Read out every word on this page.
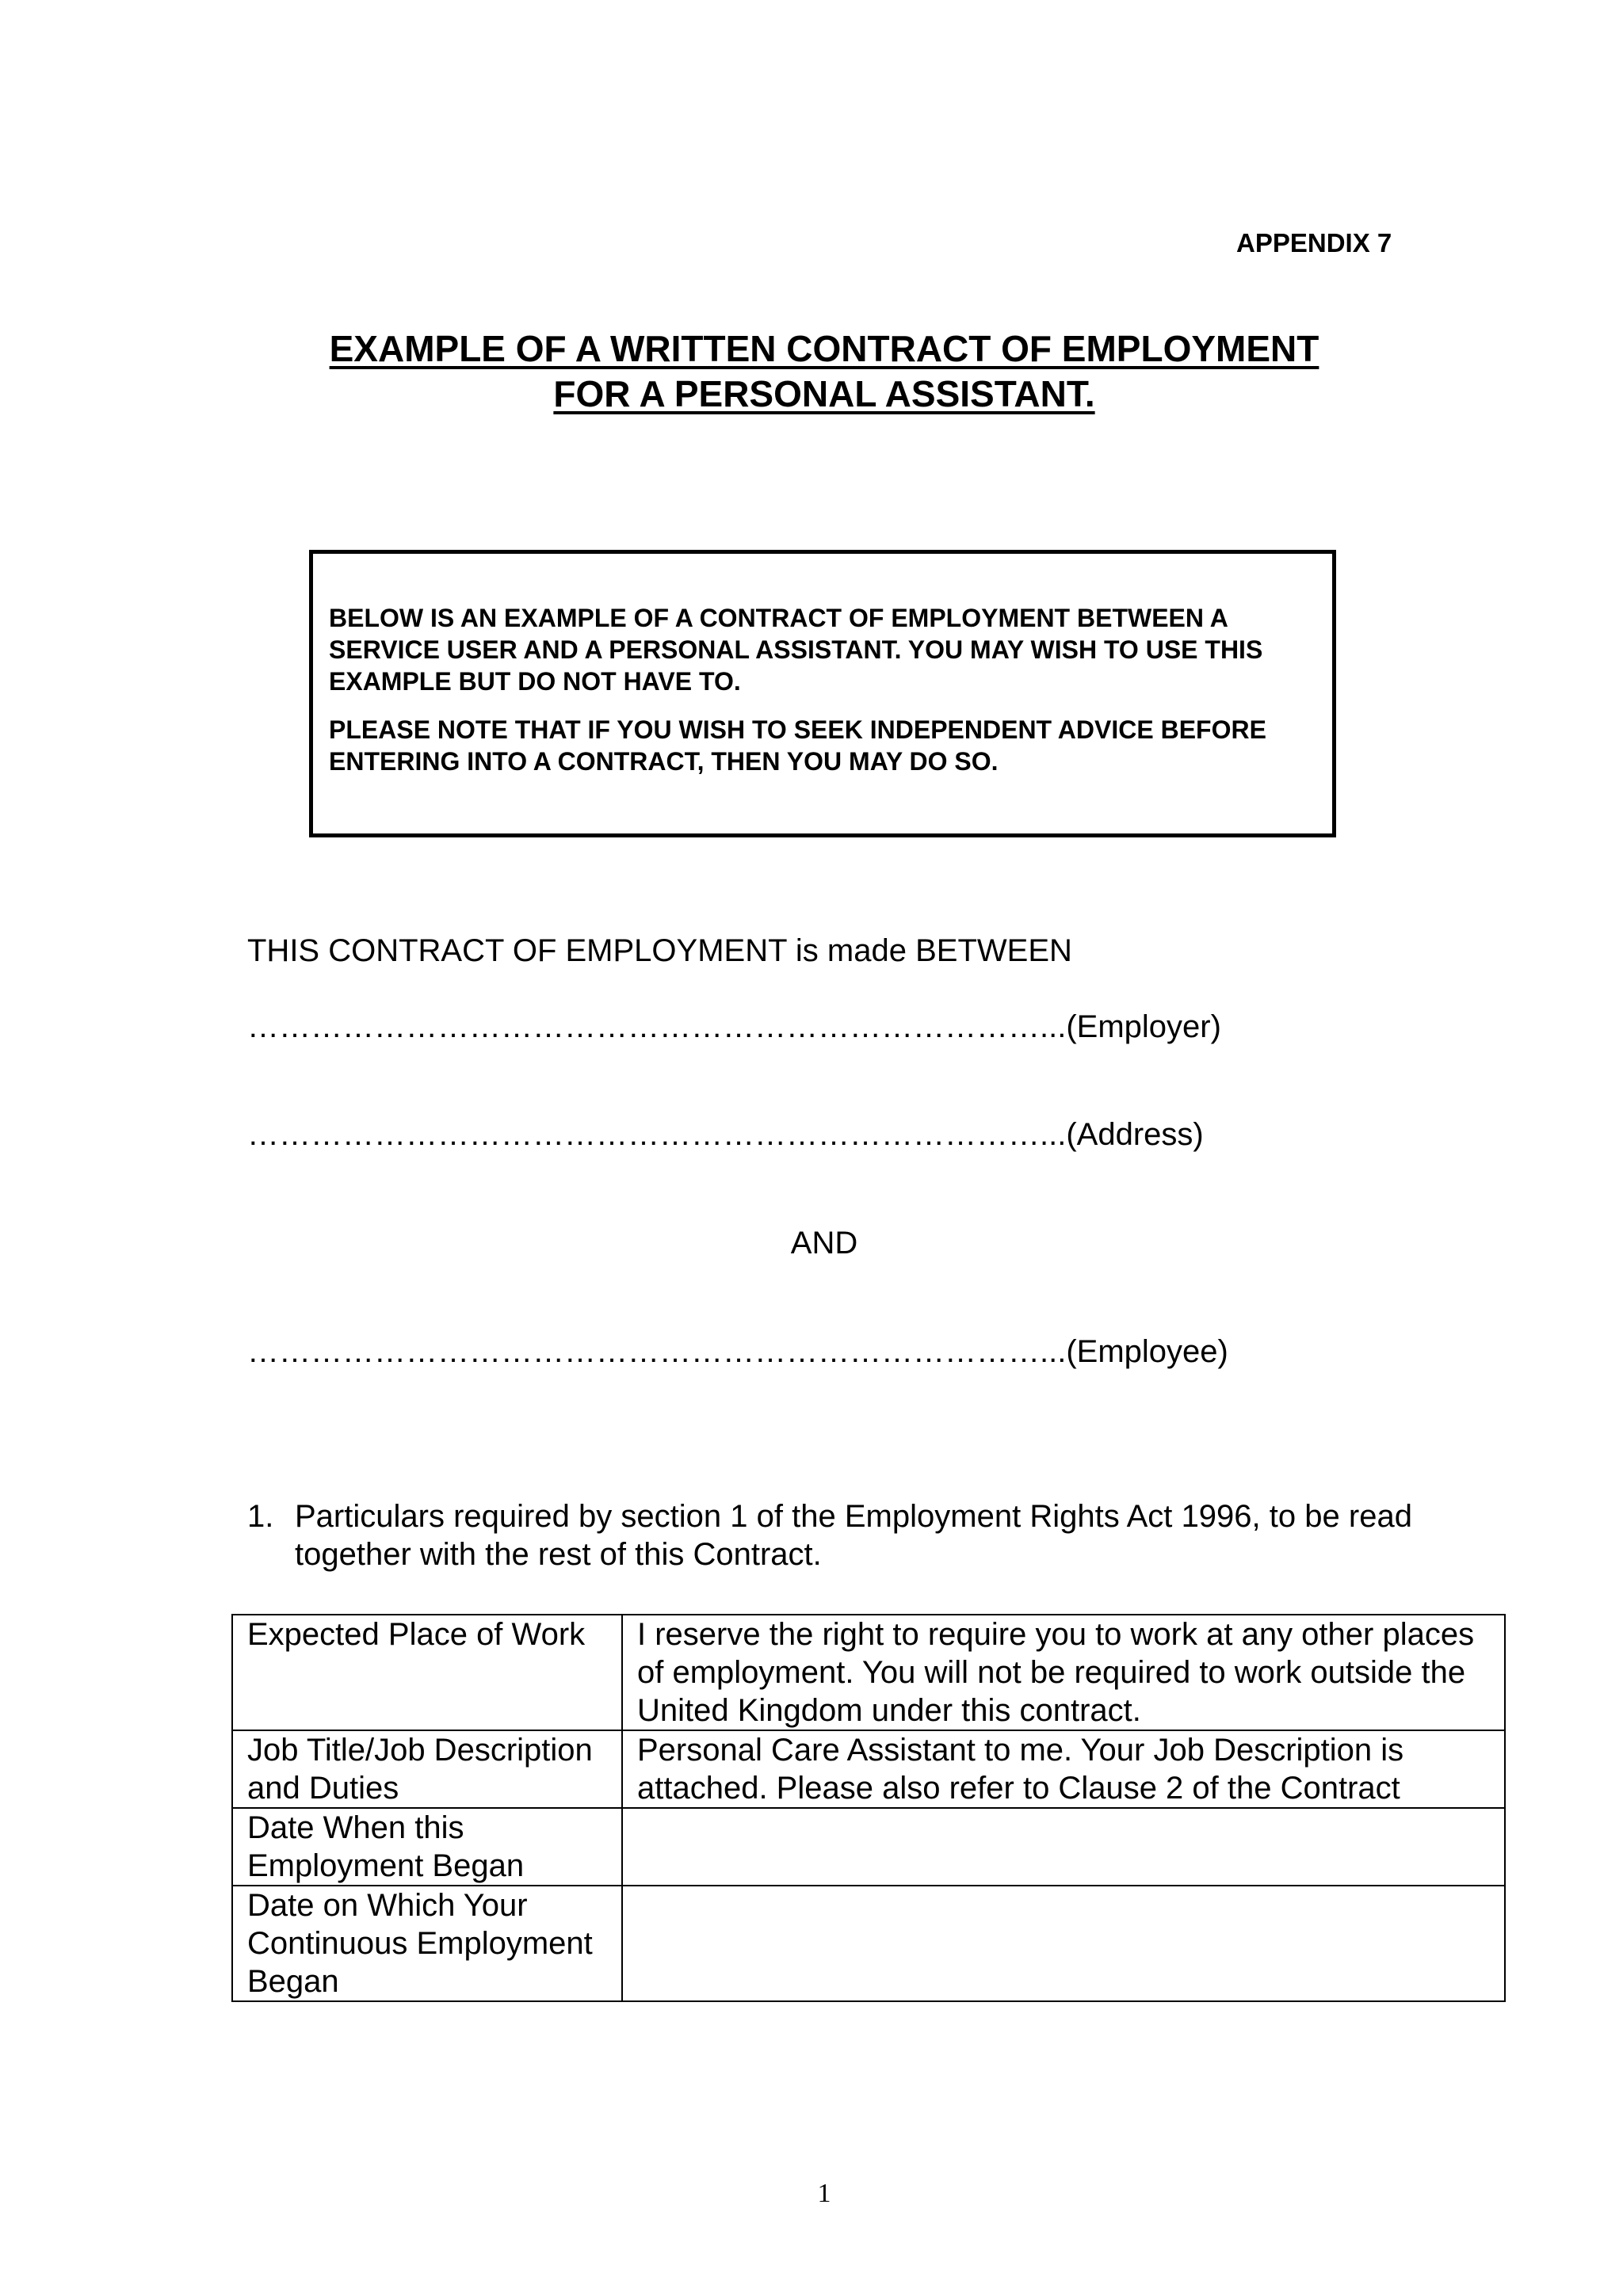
APPENDIX 7
EXAMPLE OF A WRITTEN CONTRACT OF EMPLOYMENT
FOR A PERSONAL ASSISTANT.

BELOW IS AN EXAMPLE OF A CONTRACT OF EMPLOYMENT BETWEEN A SERVICE USER AND A PERSONAL ASSISTANT. YOU MAY WISH TO USE THIS EXAMPLE BUT DO NOT HAVE TO.

PLEASE NOTE THAT IF YOU WISH TO SEEK INDEPENDENT ADVICE BEFORE ENTERING INTO A CONTRACT, THEN YOU MAY DO SO.

THIS CONTRACT OF EMPLOYMENT is made BETWEEN
…………………………………………………………………...(Employer)
…………………………………………………………………...(Address)
AND
…………………………………………………………………...(Employee)
1. Particulars required by section 1 of the Employment Rights Act 1996, to be read together with the rest of this Contract.
Expected Place of Work	I reserve the right to require you to work at any other places of employment. You will not be required to work outside the United Kingdom under this contract.
Job Title/Job Description and Duties	Personal Care Assistant to me. Your Job Description is attached. Please also refer to Clause 2 of the Contract
Date When this Employment Began	
Date on Which Your Continuous Employment Began	
1
